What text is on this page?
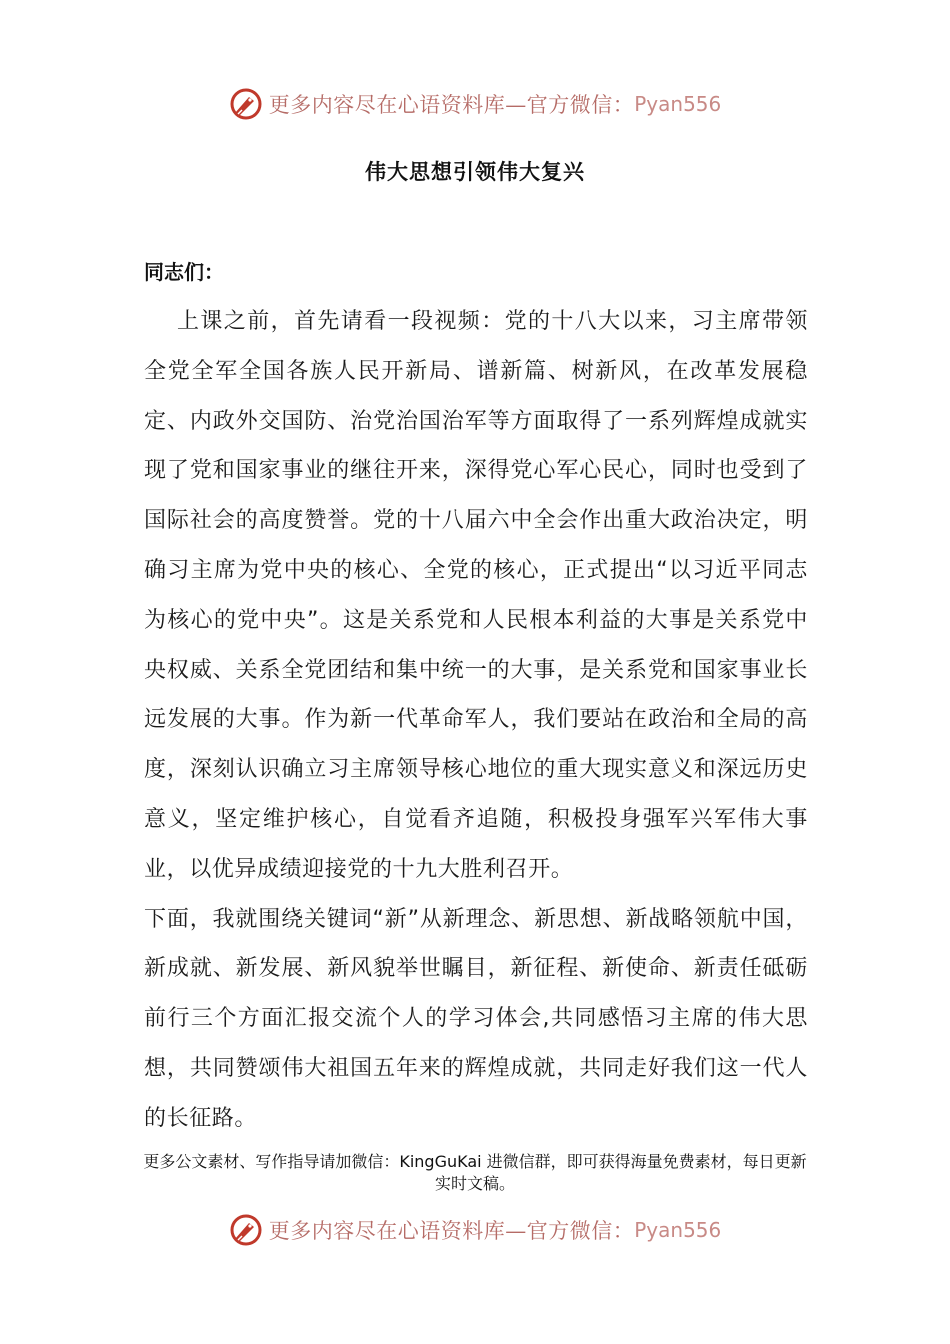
更多内容尽在心语资料库—官方微信： Pyan556
伟大思想引领伟大复兴
同志们：

上课之前，首先请看一段视频：党的十八大以来，习主席带领全党全军全国各族人民开新局、谱新篇、树新风，在改革发展稳定、内政外交国防、治党治国治军等方面取得了一系列辉煌成就实现了党和国家事业的继往开来，深得党心军心民心，同时也受到了国际社会的高度赞誉。党的十八届六中全会作出重大政治决定，明确习主席为党中央的核心、全党的核心，正式提出“以习近平同志为核心的党中央”。这是关系党和人民根本利益的大事是关系党中央权威、关系全党团结和集中统一的大事，是关系党和国家事业长远发展的大事。作为新一代革命军人，我们要站在政治和全局的高度，深刻认识确立习主席领导核心地位的重大现实意义和深远历史意义，坚定维护核心，自觉看齐追随，积极投身强军兴军伟大事业，以优异成绩迎接党的十九大胜利召开。

下面，我就围绕关键词“新”从新理念、新思想、新战略领航中国，新成就、新发展、新风貌举世瞩目，新征程、新使命、新责任砥砺前行三个方面汇报交流个人的学习体会,共同感悟习主席的伟大思想，共同赞颂伟大祖国五年来的辉煌成就，共同走好我们这一代人的长征路。

更多公文素材、写作指导请加微信：KingGuKai 进微信群，即可获得海量免费素材，每日更新实时文稿。
更多内容尽在心语资料库—官方微信： Pyan556
